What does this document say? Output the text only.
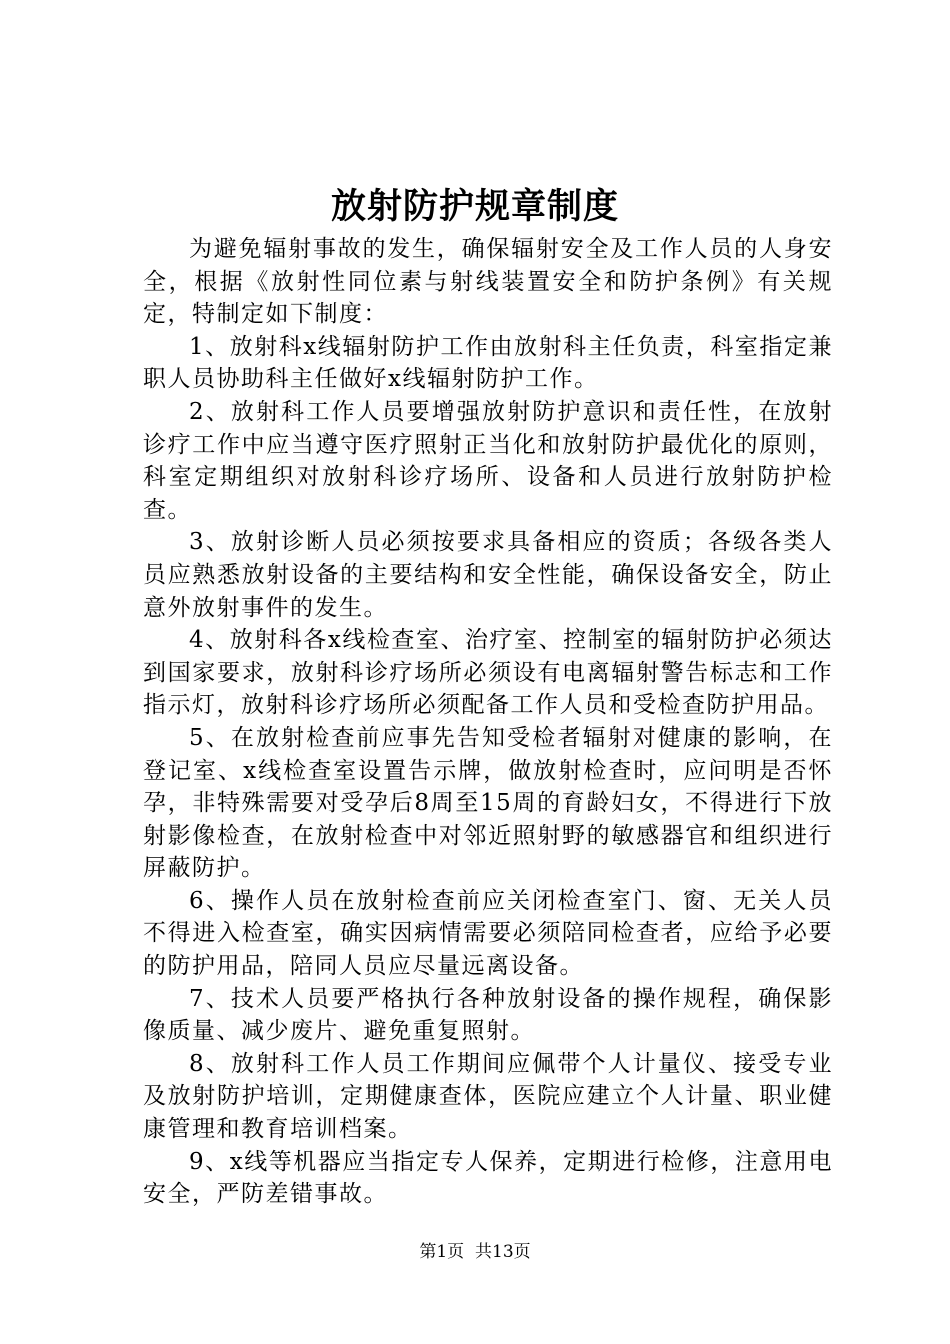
放射防护规章制度

为避免辐射事故的发生，确保辐射安全及工作人员的人身安全，根据《放射性同位素与射线装置安全和防护条例》有关规定，特制定如下制度：

1、放射科x线辐射防护工作由放射科主任负责，科室指定兼职人员协助科主任做好x线辐射防护工作。

2、放射科工作人员要增强放射防护意识和责任性，在放射诊疗工作中应当遵守医疗照射正当化和放射防护最优化的原则，科室定期组织对放射科诊疗场所、设备和人员进行放射防护检查。

3、放射诊断人员必须按要求具备相应的资质；各级各类人员应熟悉放射设备的主要结构和安全性能，确保设备安全，防止意外放射事件的发生。

4、放射科各x线检查室、治疗室、控制室的辐射防护必须达到国家要求，放射科诊疗场所必须设有电离辐射警告标志和工作指示灯，放射科诊疗场所必须配备工作人员和受检查防护用品。

5、在放射检查前应事先告知受检者辐射对健康的影响，在登记室、x线检查室设置告示牌，做放射检查时，应问明是否怀孕，非特殊需要对受孕后8周至15周的育龄妇女，不得进行下放射影像检查，在放射检查中对邻近照射野的敏感器官和组织进行屏蔽防护。

6、操作人员在放射检查前应关闭检查室门、窗、无关人员不得进入检查室，确实因病情需要必须陪同检查者，应给予必要的防护用品，陪同人员应尽量远离设备。

7、技术人员要严格执行各种放射设备的操作规程，确保影像质量、减少废片、避免重复照射。

8、放射科工作人员工作期间应佩带个人计量仪、接受专业及放射防护培训，定期健康查体，医院应建立个人计量、职业健康管理和教育培训档案。

9、x线等机器应当指定专人保养，定期进行检修，注意用电安全，严防差错事故。

第1页 共13页
